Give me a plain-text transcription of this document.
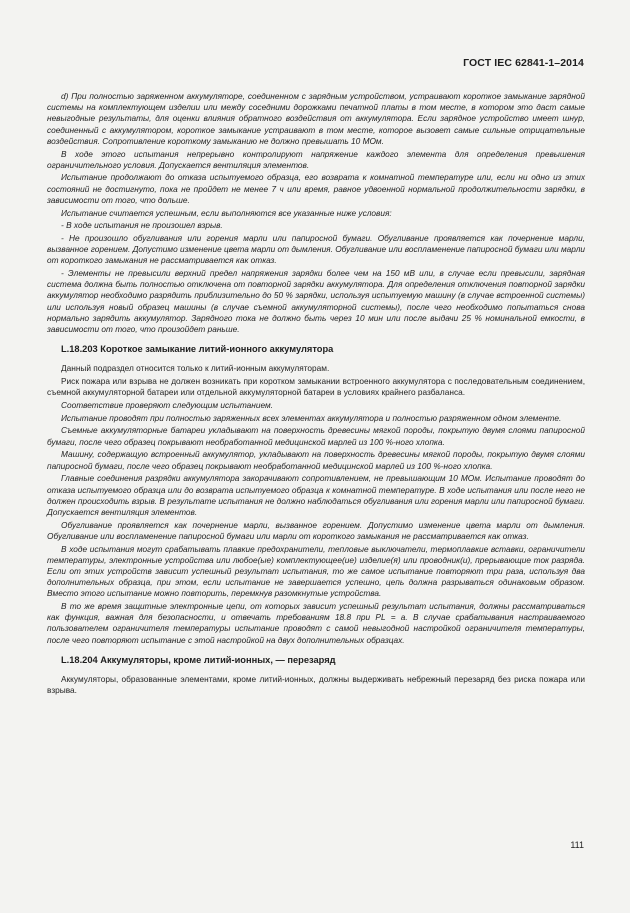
ГОСТ IEC 62841-1–2014

d) При полностью заряженном аккумуляторе, соединенном с зарядным устройством, устраивают короткое замыкание зарядной системы на комплектующем изделии или между соседними дорожками печатной платы в том месте, в котором это даст самые невыгодные результаты, для оценки влияния обратного воздействия от аккумулятора. Если зарядное устройство имеет шнур, соединенный с аккумулятором, короткое замыкание устраивают в том месте, которое вызовет самые сильные отрицательные воздействия. Сопротивление короткому замыканию не должно превышать 10 МОм.

В ходе этого испытания непрерывно контролируют напряжение каждого элемента для определения превышения ограничительного условия. Допускается вентиляция элементов.

Испытание продолжают до отказа испытуемого образца, его возврата к комнатной температуре или, если ни одно из этих состояний не достигнуто, пока не пройдет не менее 7 ч или время, равное удвоенной нормальной продолжительности зарядки, в зависимости от того, что дольше.

Испытание считается успешным, если выполняются все указанные ниже условия:

- В ходе испытания не произошел взрыв.

- Не произошло обугливания или горения марли или папиросной бумаги. Обугливание проявляется как почернение марли, вызванное горением. Допустимо изменение цвета марли от дымления. Обугливание или воспламенение папиросной бумаги или марли от короткого замыкания не рассматривается как отказ.

- Элементы не превысили верхний предел напряжения зарядки более чем на 150 мВ или, в случае если превысили, зарядная система должна быть полностью отключена от повторной зарядки аккумулятора. Для определения отключения повторной зарядки аккумулятор необходимо разрядить приблизительно до 50 % зарядки, используя испытуемую машину (в случае встроенной системы) или используя новый образец машины (в случае съемной аккумуляторной системы), после чего необходимо попытаться снова нормально зарядить аккумулятор. Зарядного тока не должно быть через 10 мин или после выдачи 25 % номинальной емкости, в зависимости от того, что произойдет раньше.

L.18.203 Короткое замыкание литий-ионного аккумулятора

Данный подраздел относится только к литий-ионным аккумуляторам.

Риск пожара или взрыва не должен возникать при коротком замыкании встроенного аккумулятора с последовательным соединением, съемной аккумуляторной батареи или отдельной аккумуляторной батареи в условиях крайнего разбаланса.

Соответствие проверяют следующим испытанием.

Испытание проводят при полностью заряженных всех элементах аккумулятора и полностью разряженном одном элементе.

Съемные аккумуляторные батареи укладывают на поверхность древесины мягкой породы, покрытую двумя слоями папиросной бумаги, после чего образец покрывают необработанной медицинской марлей из 100 %-ного хлопка.

Машину, содержащую встроенный аккумулятор, укладывают на поверхность древесины мягкой породы, покрытую двумя слоями папиросной бумаги, после чего образец покрывают необработанной медицинской марлей из 100 %-ного хлопка.

Главные соединения разрядки аккумулятора закорачивают сопротивлением, не превышающим 10 МОм. Испытание проводят до отказа испытуемого образца или до возврата испытуемого образца к комнатной температуре. В ходе испытания или после него не должен происходить взрыв. В результате испытания не должно наблюдаться обугливания или горения марли или папиросной бумаги. Допускается вентиляция элементов.

Обугливание проявляется как почернение марли, вызванное горением. Допустимо изменение цвета марли от дымления. Обугливание или воспламенение папиросной бумаги или марли от короткого замыкания не рассматривается как отказ.

В ходе испытания могут срабатывать плавкие предохранители, тепловые выключатели, термоплавкие вставки, ограничители температуры, электронные устройства или любое(ые) комплектующее(ие) изделие(я) или проводник(и), прерывающие ток разряда. Если от этих устройств зависит успешный результат испытания, то же самое испытание повторяют три раза, используя два дополнительных образца, при этом, если испытание не завершается успешно, цепь должна разрываться одинаковым образом. Вместо этого испытание можно повторить, перемкнув разомкнутые устройства.

В то же время защитные электронные цепи, от которых зависит успешный результат испытания, должны рассматриваться как функция, важная для безопасности, и отвечать требованиям 18.8 при PL = a. В случае срабатывания настраиваемого пользователем ограничителя температуры испытание проводят с самой невыгодной настройкой ограничителя температуры, после чего повторяют испытание с этой настройкой на двух дополнительных образцах.

L.18.204 Аккумуляторы, кроме литий-ионных, — перезаряд

Аккумуляторы, образованные элементами, кроме литий-ионных, должны выдерживать небрежный перезаряд без риска пожара или взрыва.

111
